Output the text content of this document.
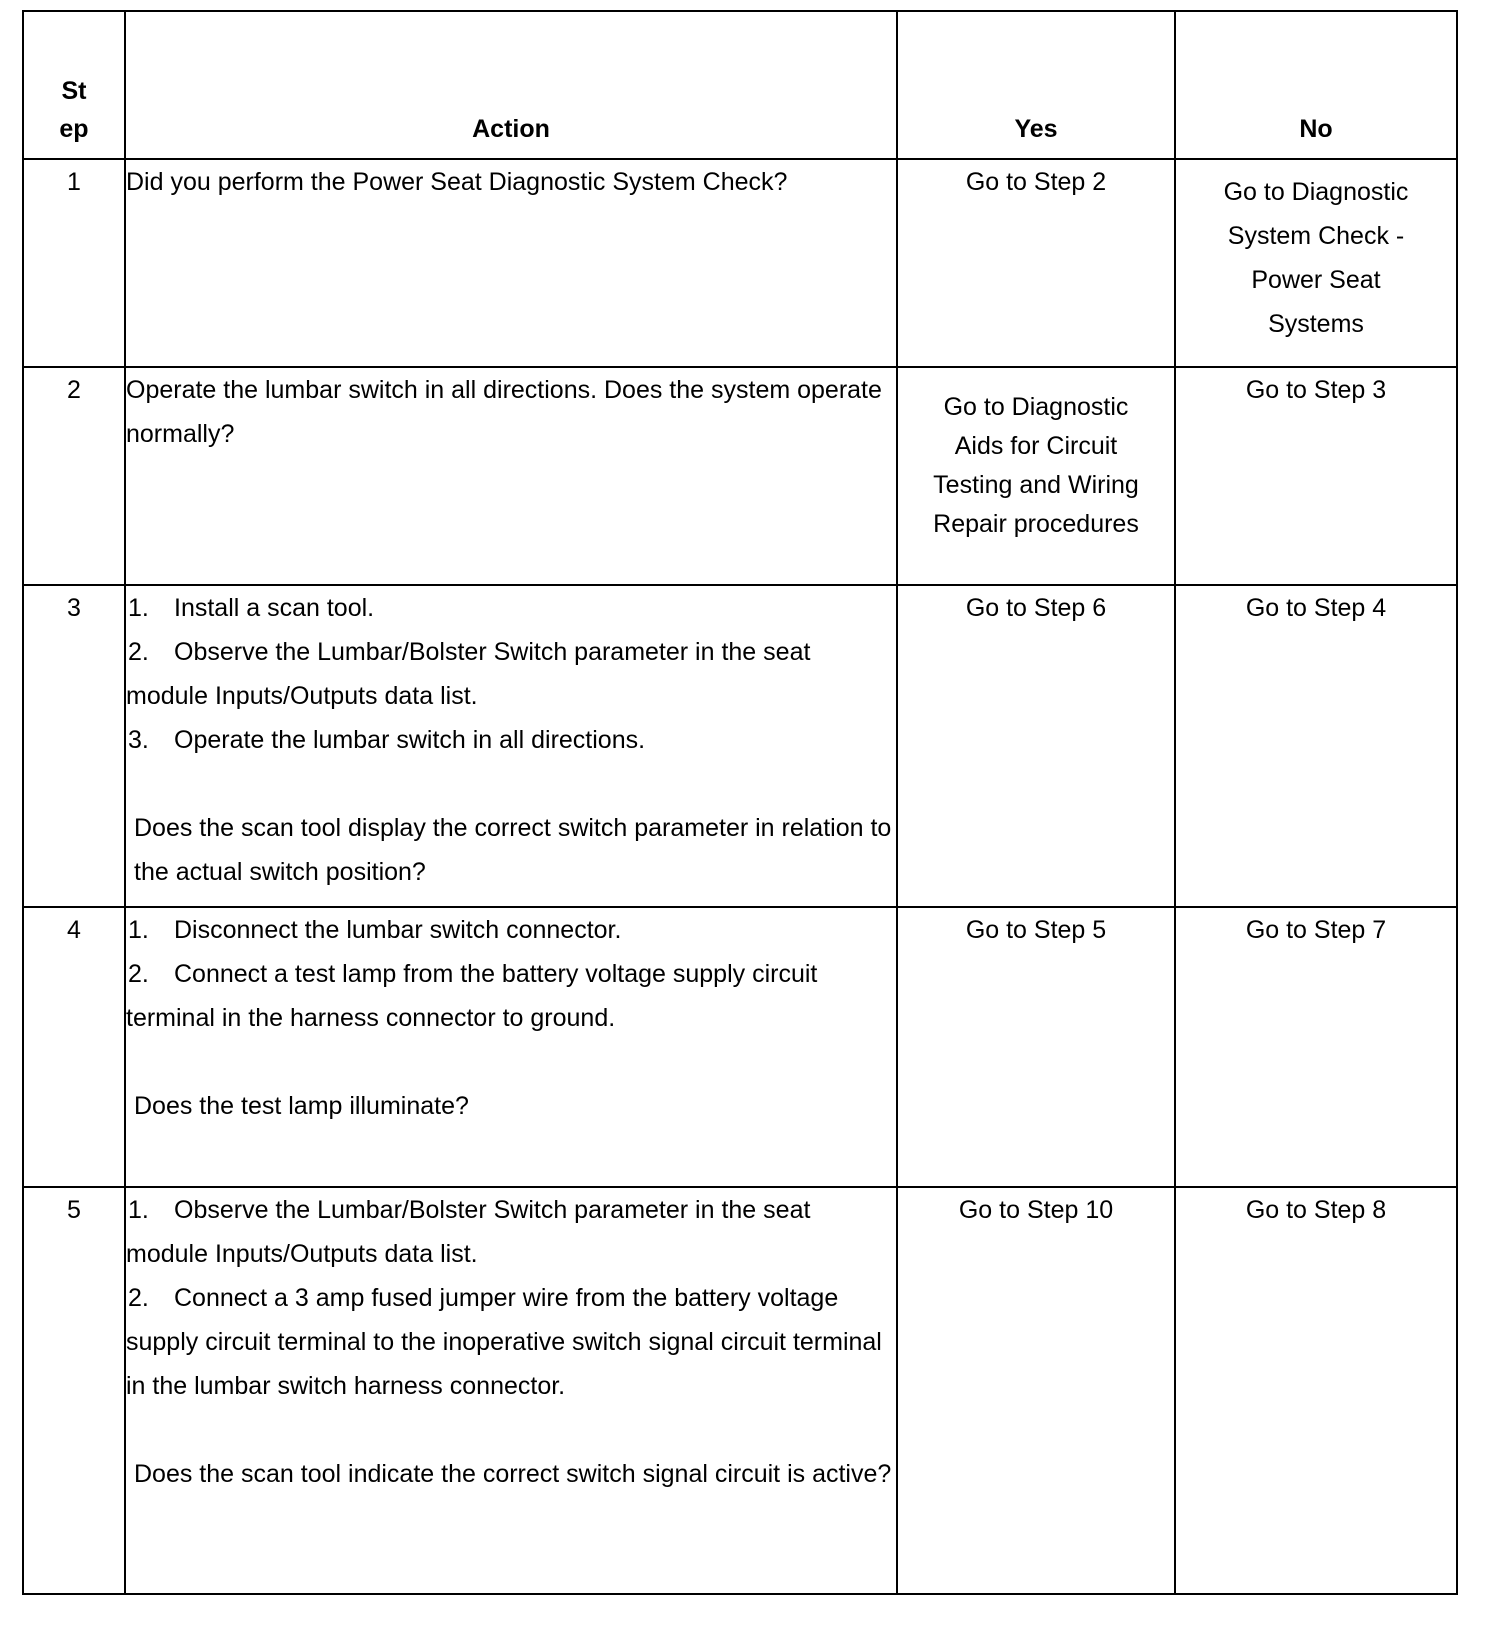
St
ep	Action	Yes	No
1	Did you perform the Power Seat Diagnostic System Check?	Go to Step 2	Go to Diagnostic
System Check -
Power Seat
Systems

2	Operate the lumbar switch in all directions. Does the system operate normally?	Go to Diagnostic
Aids for Circuit
Testing and Wiring
Repair procedures	Go to Step 3
3	1. Install a scan tool.

2. Observe the Lumbar/Bolster Switch parameter in the seat module Inputs/Outputs data list.

3. Operate the lumbar switch in all directions.

Does the scan tool display the correct switch parameter in relation to the actual switch position?	Go to Step 6	Go to Step 4
4	1. Disconnect the lumbar switch connector.

2. Connect a test lamp from the battery voltage supply circuit terminal in the harness connector to ground.

Does the test lamp illuminate?	Go to Step 5	Go to Step 7
5	1. Observe the Lumbar/Bolster Switch parameter in the seat module Inputs/Outputs data list.

2. Connect a 3 amp fused jumper wire from the battery voltage supply circuit terminal to the inoperative switch signal circuit terminal in the lumbar switch harness connector.

Does the scan tool indicate the correct switch signal circuit is active?	Go to Step 10	Go to Step 8
